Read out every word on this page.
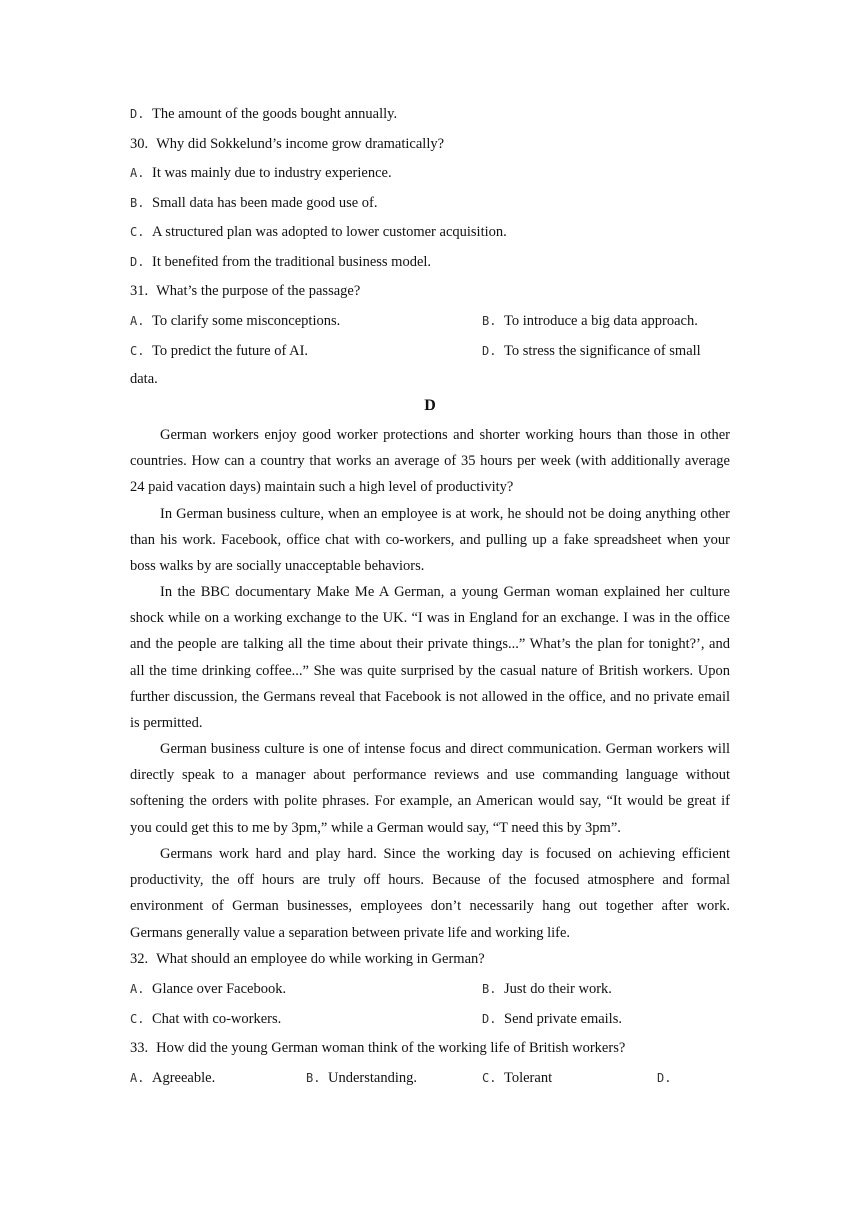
D. The amount of the goods bought annually.
30. Why did Sokkelund’s income grow dramatically?
A. It was mainly due to industry experience.
B. Small data has been made good use of.
C. A structured plan was adopted to lower customer acquisition.
D. It benefited from the traditional business model.
31. What’s the purpose of the passage?
A. To clarify some misconceptions.	B. To introduce a big data approach.
C. To predict the future of AI.	D. To stress the significance of small
data.
D
German workers enjoy good worker protections and shorter working hours than those in other countries. How can a country that works an average of 35 hours per week (with additionally average 24 paid vacation days) maintain such a high level of productivity?
In German business culture, when an employee is at work, he should not be doing anything other than his work. Facebook, office chat with co-workers, and pulling up a fake spreadsheet when your boss walks by are socially unacceptable behaviors.
In the BBC documentary Make Me A German, a young German woman explained her culture shock while on a working exchange to the UK. “I was in England for an exchange. I was in the office and the people are talking all the time about their private things...” What’s the plan for tonight?’, and all the time drinking coffee...” She was quite surprised by the casual nature of British workers. Upon further discussion, the Germans reveal that Facebook is not allowed in the office, and no private email is permitted.
German business culture is one of intense focus and direct communication. German workers will directly speak to a manager about performance reviews and use commanding language without softening the orders with polite phrases. For example, an American would say, “It would be great if you could get this to me by 3pm,” while a German would say, “T need this by 3pm”.
Germans work hard and play hard. Since the working day is focused on achieving efficient productivity, the off hours are truly off hours. Because of the focused atmosphere and formal environment of German businesses, employees don’t necessarily hang out together after work. Germans generally value a separation between private life and working life.
32. What should an employee do while working in German?
A. Glance over Facebook.	B. Just do their work.
C. Chat with co-workers.	D. Send private emails.
33. How did the young German woman think of the working life of British workers?
A. Agreeable.	B. Understanding.	C. Tolerant	D.
